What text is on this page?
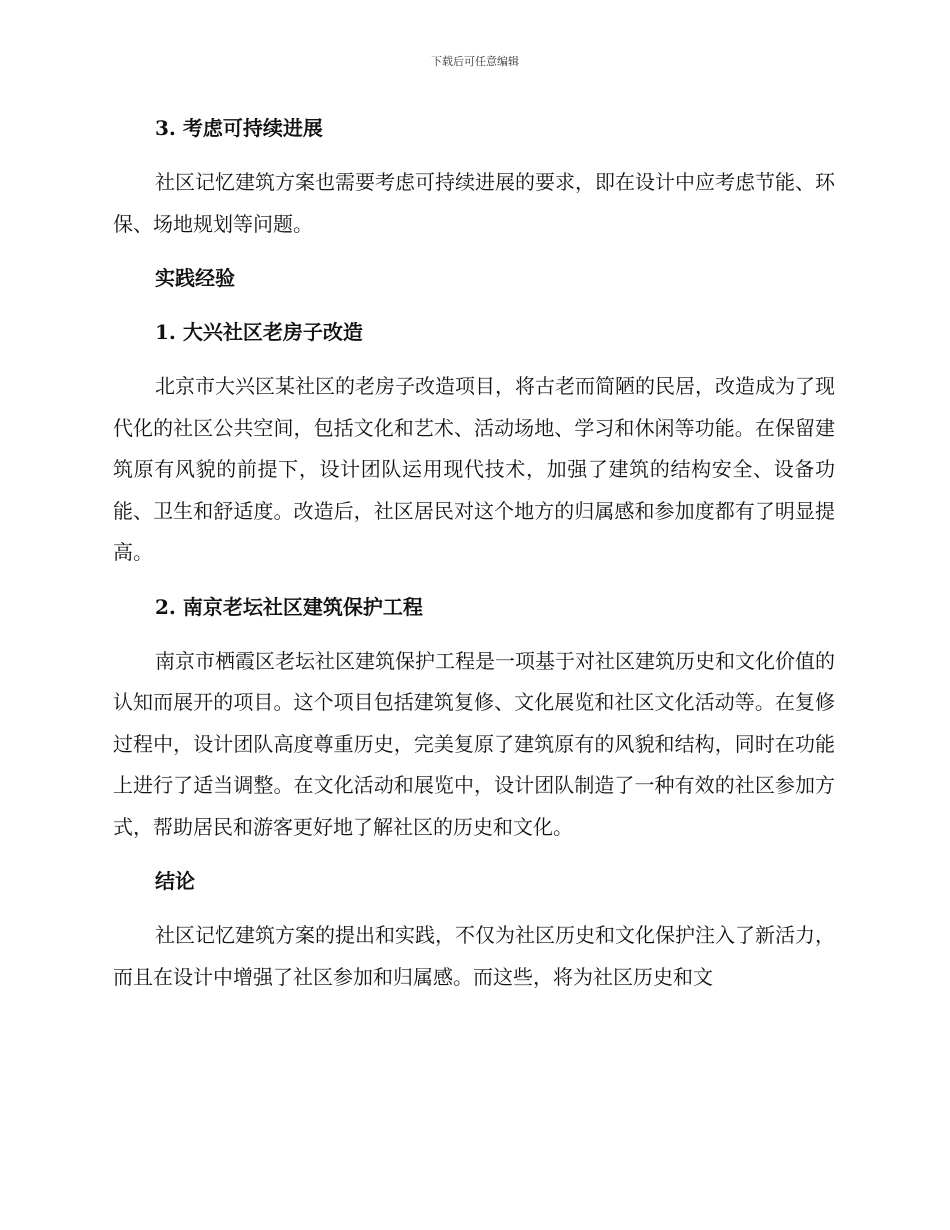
下载后可任意编辑
3. 考虑可持续进展

社区记忆建筑方案也需要考虑可持续进展的要求，即在设计中应考虑节能、环保、场地规划等问题。

实践经验
1. 大兴社区老房子改造

北京市大兴区某社区的老房子改造项目，将古老而简陋的民居，改造成为了现代化的社区公共空间，包括文化和艺术、活动场地、学习和休闲等功能。在保留建筑原有风貌的前提下，设计团队运用现代技术，加强了建筑的结构安全、设备功能、卫生和舒适度。改造后，社区居民对这个地方的归属感和参加度都有了明显提高。

2. 南京老坛社区建筑保护工程

南京市栖霞区老坛社区建筑保护工程是一项基于对社区建筑历史和文化价值的认知而展开的项目。这个项目包括建筑复修、文化展览和社区文化活动等。在复修过程中，设计团队高度尊重历史，完美复原了建筑原有的风貌和结构，同时在功能上进行了适当调整。在文化活动和展览中，设计团队制造了一种有效的社区参加方式，帮助居民和游客更好地了解社区的历史和文化。

结论

社区记忆建筑方案的提出和实践，不仅为社区历史和文化保护注入了新活力，而且在设计中增强了社区参加和归属感。而这些，将为社区历史和文
